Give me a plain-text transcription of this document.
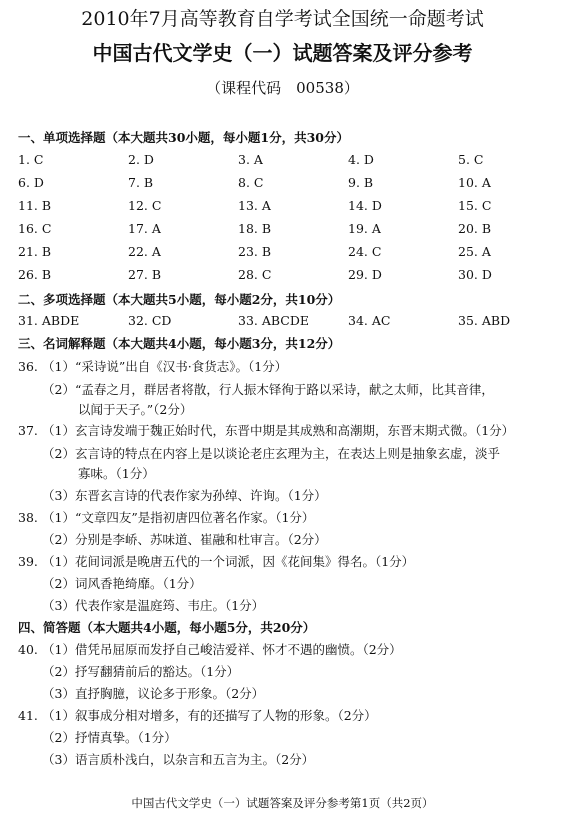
2010年7月高等教育自学考试全国统一命题考试
中国古代文学史（一）试题答案及评分参考
（课程代码　00538）
一、单项选择题（本大题共30小题，每小题1分，共30分）
1. C	2. D	3. A	4. D	5. C
6. D	7. B	8. C	9. B	10. A
11. B	12. C	13. A	14. D	15. C
16. C	17. A	18. B	19. A	20. B
21. B	22. A	23. B	24. C	25. A
26. B	27. B	28. C	29. D	30. D
二、多项选择题（本大题共5小题，每小题2分，共10分）
31. ABDE	32. CD	33. ABCDE	34. AC	35. ABD
三、名词解释题（本大题共4小题，每小题3分，共12分）
36. （1）“采诗说”出自《汉书·食货志》。（1分）
（2）“孟春之月，群居者将散，行人振木铎徇于路以采诗，献之太师，比其音律，
以闻于天子。”（2分）
37. （1）玄言诗发端于魏正始时代，东晋中期是其成熟和高潮期，东晋末期式微。（1分）
（2）玄言诗的特点在内容上是以谈论老庄玄理为主，在表达上则是抽象玄虚，淡乎
寡味。（1分）
（3）东晋玄言诗的代表作家为孙绰、许询。（1分）
38. （1）“文章四友”是指初唐四位著名作家。（1分）
（2）分别是李峤、苏味道、崔融和杜审言。（2分）
39. （1）花间词派是晚唐五代的一个词派，因《花间集》得名。（1分）
（2）词风香艳绮靡。（1分）
（3）代表作家是温庭筠、韦庄。（1分）
四、简答题（本大题共4小题，每小题5分，共20分）
40. （1）借凭吊屈原而发抒自己峻洁爱祥、怀才不遇的幽愤。（2分）
（2）抒写翻猜前后的豁达。（1分）
（3）直抒胸臆，议论多于形象。（2分）
41. （1）叙事成分相对增多，有的还描写了人物的形象。（2分）
（2）抒情真挚。（1分）
（3）语言质朴浅白，以杂言和五言为主。（2分）
中国古代文学史（一）试题答案及评分参考第1页（共2页）
